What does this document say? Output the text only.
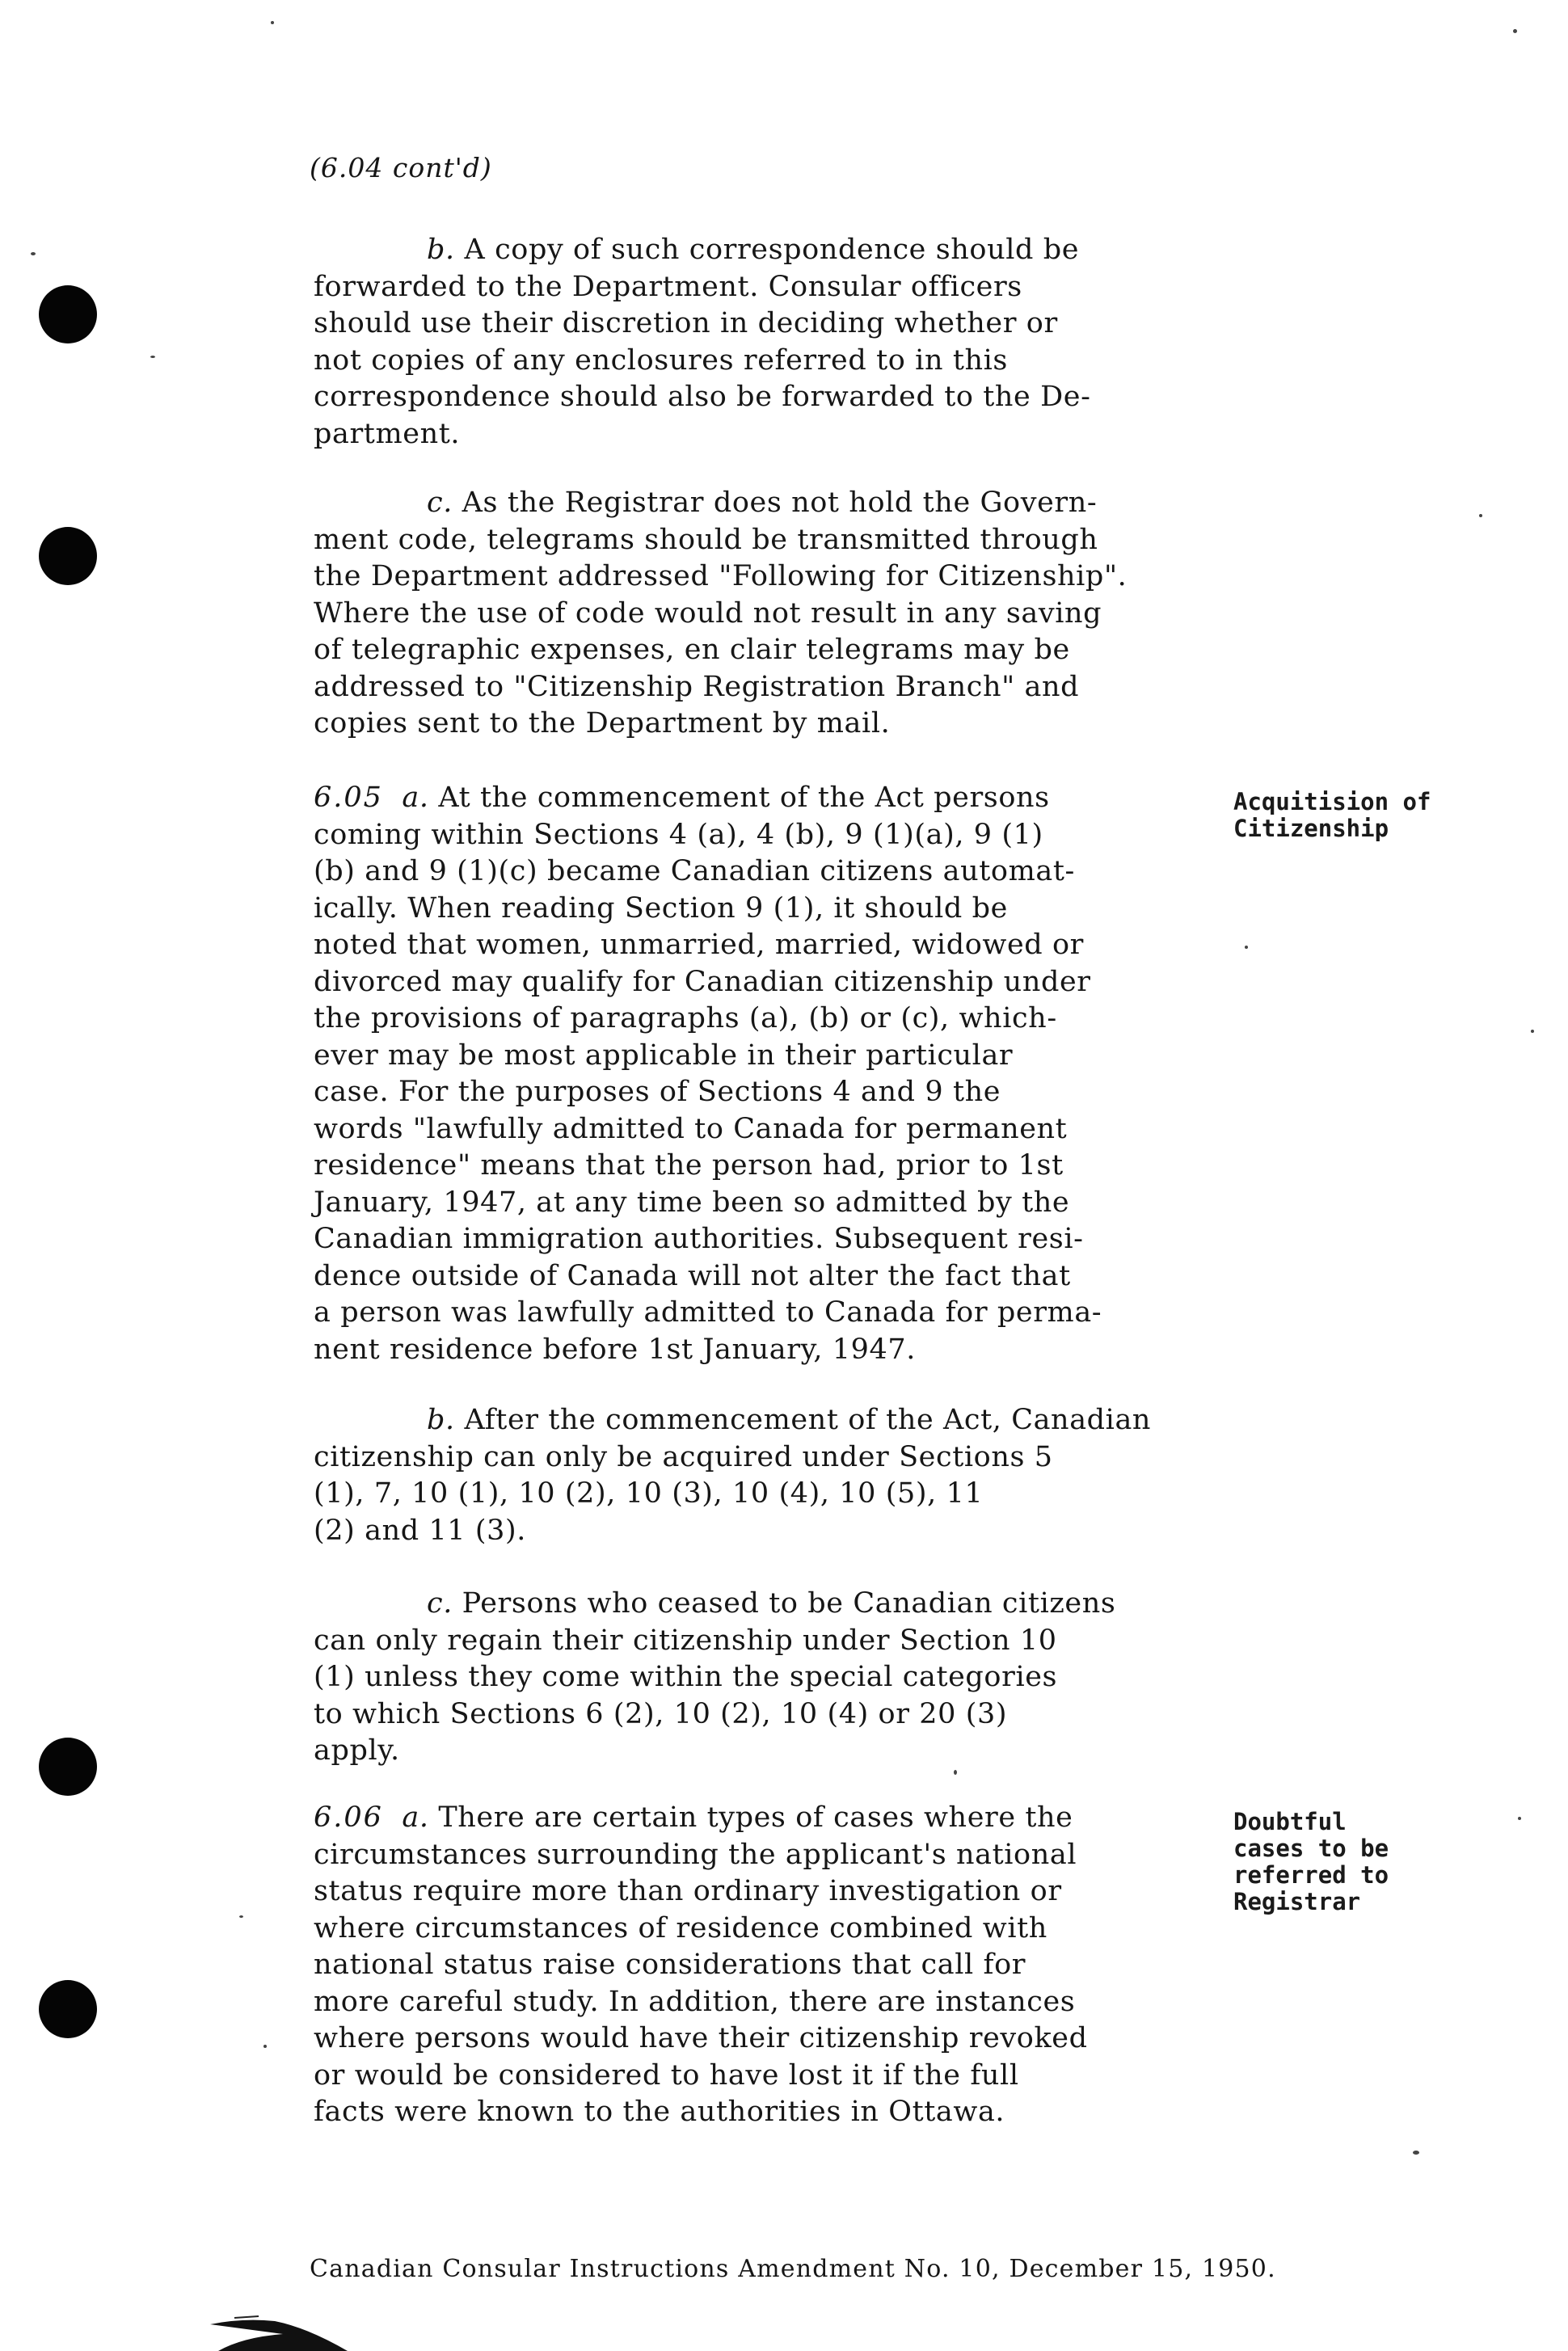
(6.04 cont'd)

b. A copy of such correspondence should be
forwarded to the Department. Consular officers
should use their discretion in deciding whether or
not copies of any enclosures referred to in this
correspondence should also be forwarded to the De-
partment.

c. As the Registrar does not hold the Govern-
ment code, telegrams should be transmitted through
the Department addressed "Following for Citizenship".
Where the use of code would not result in any saving
of telegraphic expenses, en clair telegrams may be
addressed to "Citizenship Registration Branch" and
copies sent to the Department by mail.

6.05 a. At the commencement of the Act persons
coming within Sections 4 (a), 4 (b), 9 (1)(a), 9 (1)
(b) and 9 (1)(c) became Canadian citizens automat-
ically. When reading Section 9 (1), it should be
noted that women, unmarried, married, widowed or
divorced may qualify for Canadian citizenship under
the provisions of paragraphs (a), (b) or (c), which-
ever may be most applicable in their particular
case. For the purposes of Sections 4 and 9 the
words "lawfully admitted to Canada for permanent
residence" means that the person had, prior to 1st
January, 1947, at any time been so admitted by the
Canadian immigration authorities. Subsequent resi-
dence outside of Canada will not alter the fact that
a person was lawfully admitted to Canada for perma-
nent residence before 1st January, 1947.

Acquitision of
Citizenship

b. After the commencement of the Act, Canadian
citizenship can only be acquired under Sections 5
(1), 7, 10 (1), 10 (2), 10 (3), 10 (4), 10 (5), 11
(2) and 11 (3).

c. Persons who ceased to be Canadian citizens
can only regain their citizenship under Section 10
(1) unless they come within the special categories
to which Sections 6 (2), 10 (2), 10 (4) or 20 (3)
apply.

6.06 a. There are certain types of cases where the
circumstances surrounding the applicant's national
status require more than ordinary investigation or
where circumstances of residence combined with
national status raise considerations that call for
more careful study. In addition, there are instances
where persons would have their citizenship revoked
or would be considered to have lost it if the full
facts were known to the authorities in Ottawa.

Doubtful
cases to be
referred to
Registrar
Canadian Consular Instructions Amendment No. 10, December 15, 1950.
